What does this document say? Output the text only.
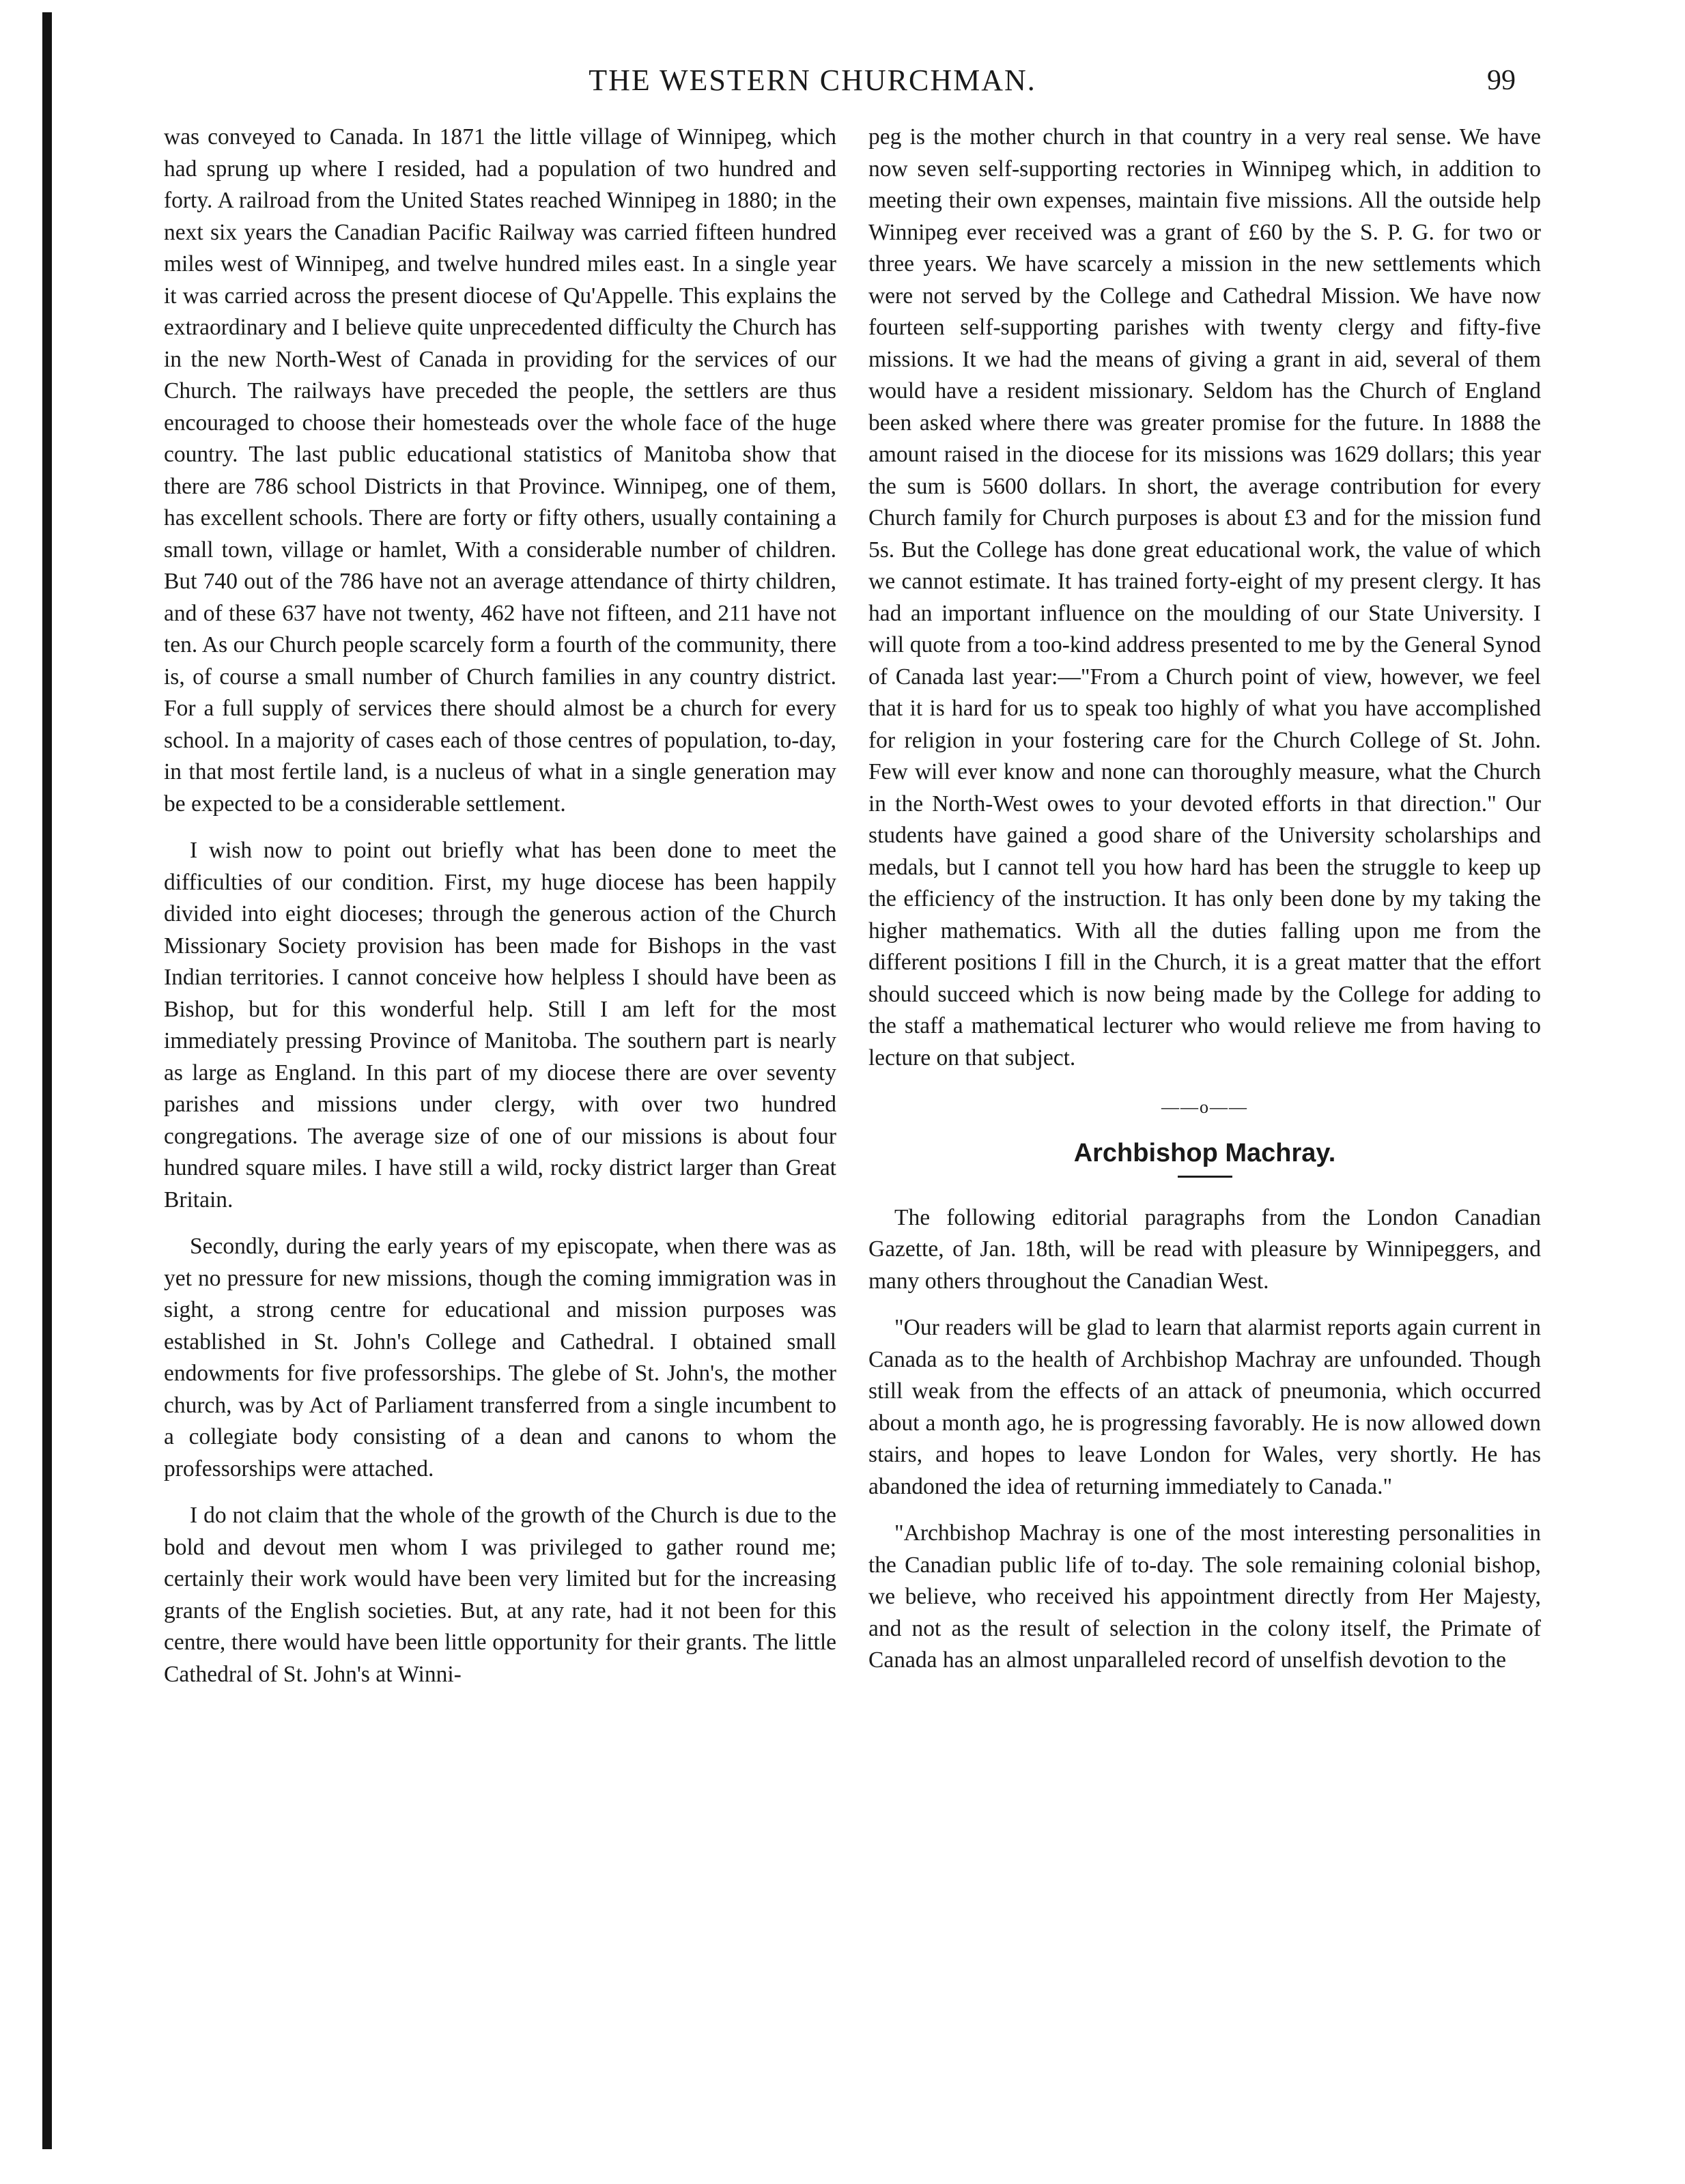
THE WESTERN CHURCHMAN.	99

was conveyed to Canada. In 1871 the little village of Winnipeg, which had sprung up where I resided, had a population of two hundred and forty. A railroad from the United States reached Winnipeg in 1880; in the next six years the Canadian Pacific Railway was carried fifteen hundred miles west of Winnipeg, and twelve hundred miles east. In a single year it was carried across the present diocese of Qu'Appelle. This explains the extraordinary and I believe quite unprecedented difficulty the Church has in the new North-West of Canada in providing for the services of our Church. The railways have preceded the people, the settlers are thus encouraged to choose their homesteads over the whole face of the huge country. The last public educational statistics of Manitoba show that there are 786 school Districts in that Province. Winnipeg, one of them, has excellent schools. There are forty or fifty others, usually containing a small town, village or hamlet, With a considerable number of children. But 740 out of the 786 have not an average attendance of thirty children, and of these 637 have not twenty, 462 have not fifteen, and 211 have not ten. As our Church people scarcely form a fourth of the community, there is, of course a small number of Church families in any country district. For a full supply of services there should almost be a church for every school. In a majority of cases each of those centres of population, to-day, in that most fertile land, is a nucleus of what in a single generation may be expected to be a considerable settlement.

I wish now to point out briefly what has been done to meet the difficulties of our condition. First, my huge diocese has been happily divided into eight dioceses; through the generous action of the Church Missionary Society provision has been made for Bishops in the vast Indian territories. I cannot conceive how helpless I should have been as Bishop, but for this wonderful help. Still I am left for the most immediately pressing Province of Manitoba. The southern part is nearly as large as England. In this part of my diocese there are over seventy parishes and missions under clergy, with over two hundred congregations. The average size of one of our missions is about four hundred square miles. I have still a wild, rocky district larger than Great Britain.

Secondly, during the early years of my episcopate, when there was as yet no pressure for new missions, though the coming immigration was in sight, a strong centre for educational and mission purposes was established in St. John's College and Cathedral. I obtained small endowments for five professorships. The glebe of St. John's, the mother church, was by Act of Parliament transferred from a single incumbent to a collegiate body consisting of a dean and canons to whom the professorships were attached.

I do not claim that the whole of the growth of the Church is due to the bold and devout men whom I was privileged to gather round me; certainly their work would have been very limited but for the increasing grants of the English societies. But, at any rate, had it not been for this centre, there would have been little opportunity for their grants. The little Cathedral of St. John's at Winni-

peg is the mother church in that country in a very real sense. We have now seven self-supporting rectories in Winnipeg which, in addition to meeting their own expenses, maintain five missions. All the outside help Winnipeg ever received was a grant of £60 by the S. P. G. for two or three years. We have scarcely a mission in the new settlements which were not served by the College and Cathedral Mission. We have now fourteen self-supporting parishes with twenty clergy and fifty-five missions. It we had the means of giving a grant in aid, several of them would have a resident missionary. Seldom has the Church of England been asked where there was greater promise for the future. In 1888 the amount raised in the diocese for its missions was 1629 dollars; this year the sum is 5600 dollars. In short, the average contribution for every Church family for Church purposes is about £3 and for the mission fund 5s. But the College has done great educational work, the value of which we cannot estimate. It has trained forty-eight of my present clergy. It has had an important influence on the moulding of our State University. I will quote from a too-kind address presented to me by the General Synod of Canada last year:—"From a Church point of view, however, we feel that it is hard for us to speak too highly of what you have accomplished for religion in your fostering care for the Church College of St. John. Few will ever know and none can thoroughly measure, what the Church in the North-West owes to your devoted efforts in that direction." Our students have gained a good share of the University scholarships and medals, but I cannot tell you how hard has been the struggle to keep up the efficiency of the instruction. It has only been done by my taking the higher mathematics. With all the duties falling upon me from the different positions I fill in the Church, it is a great matter that the effort should succeed which is now being made by the College for adding to the staff a mathematical lecturer who would relieve me from having to lecture on that subject.

——o——
Archbishop Machray.

The following editorial paragraphs from the London Canadian Gazette, of Jan. 18th, will be read with pleasure by Winnipeggers, and many others throughout the Canadian West.

"Our readers will be glad to learn that alarmist reports again current in Canada as to the health of Archbishop Machray are unfounded. Though still weak from the effects of an attack of pneumonia, which occurred about a month ago, he is progressing favorably. He is now allowed down stairs, and hopes to leave London for Wales, very shortly. He has abandoned the idea of returning immediately to Canada."

"Archbishop Machray is one of the most interesting personalities in the Canadian public life of to-day. The sole remaining colonial bishop, we believe, who received his appointment directly from Her Majesty, and not as the result of selection in the colony itself, the Primate of Canada has an almost unparalleled record of unselfish devotion to the
